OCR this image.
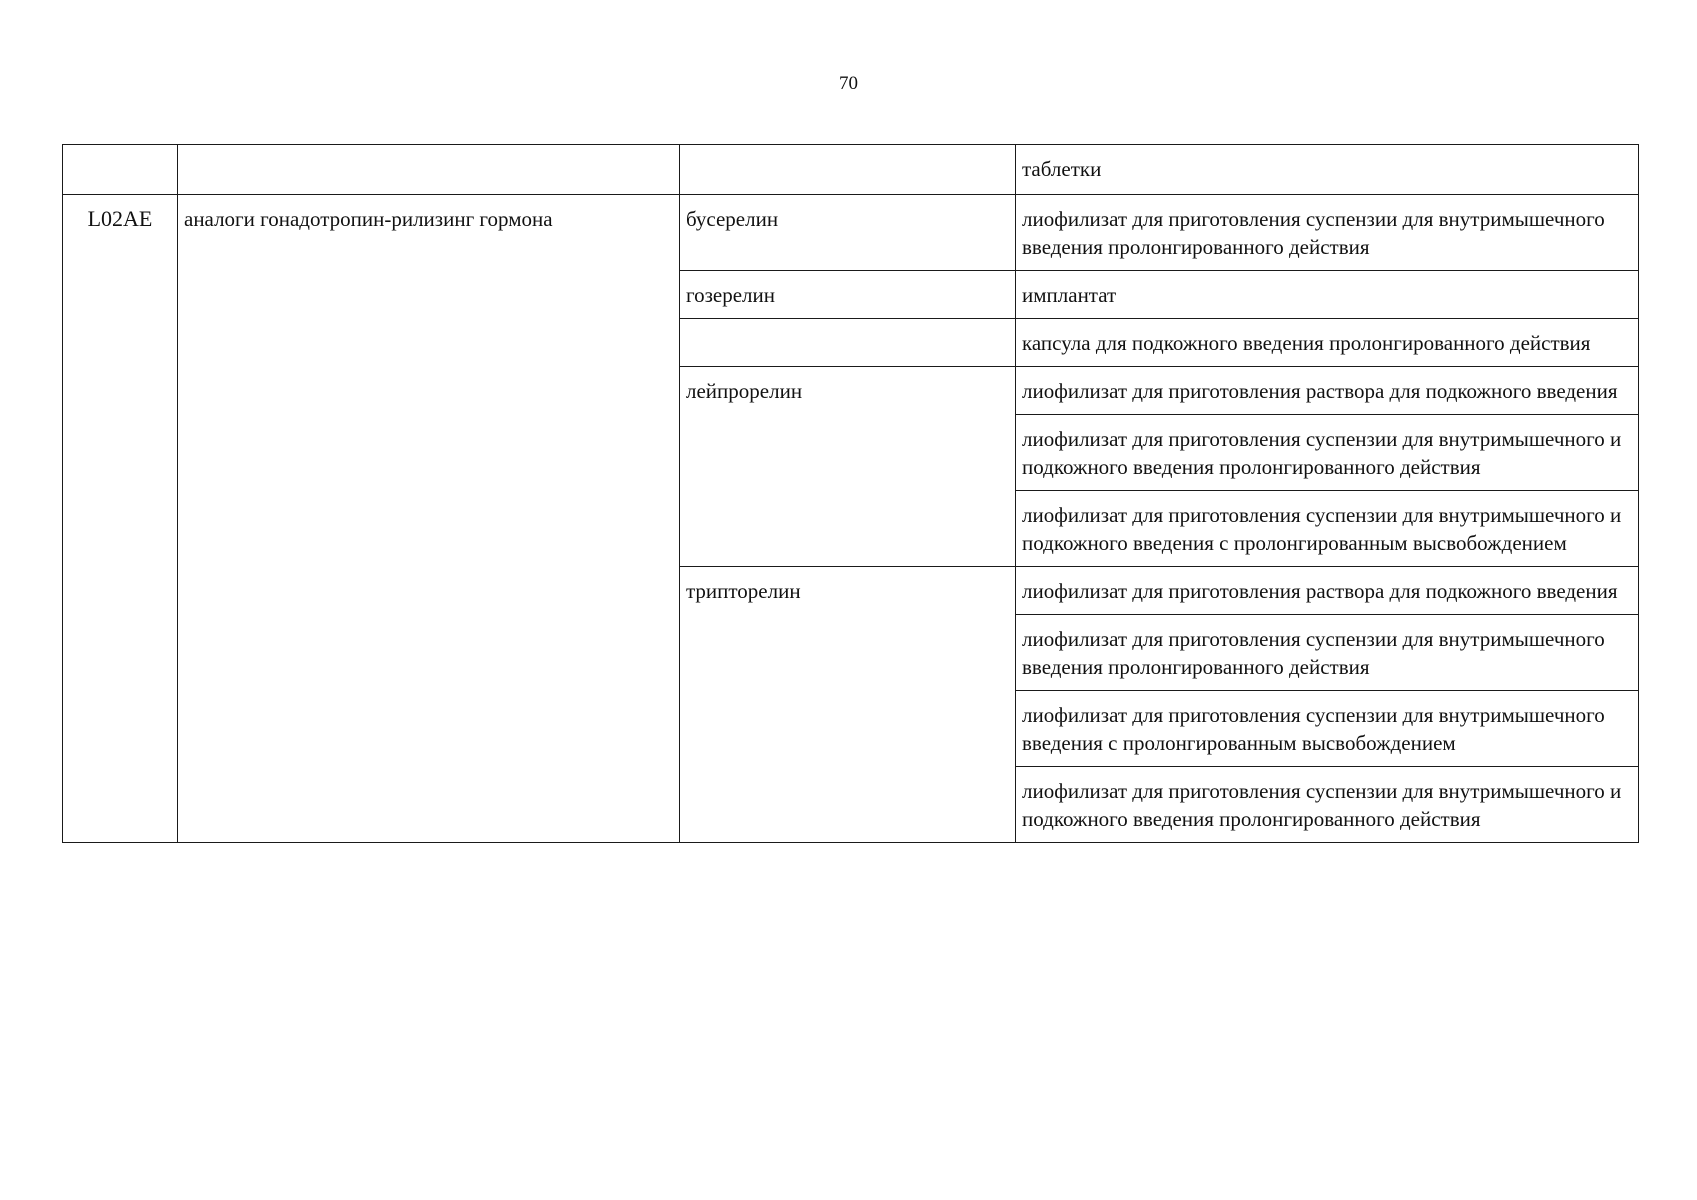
70
			таблетки
L02AE	аналоги гонадотропин-рилизинг гормона	бусерелин	лиофилизат для приготовления суспензии для внутримышечного введения пролонгированного действия
		гозерелин	имплантат
			капсула для подкожного введения пролонгированного действия
		лейпрорелин	лиофилизат для приготовления раствора для подкожного введения
			лиофилизат для приготовления суспензии для внутримышечного и подкожного введения пролонгированного действия
			лиофилизат для приготовления суспензии для внутримышечного и подкожного введения с пролонгированным высвобождением
		трипторелин	лиофилизат для приготовления раствора для подкожного введения
			лиофилизат для приготовления суспензии для внутримышечного введения пролонгированного действия
			лиофилизат для приготовления суспензии для внутримышечного введения с пролонгированным высвобождением
			лиофилизат для приготовления суспензии для внутримышечного и подкожного введения пролонгированного действия
